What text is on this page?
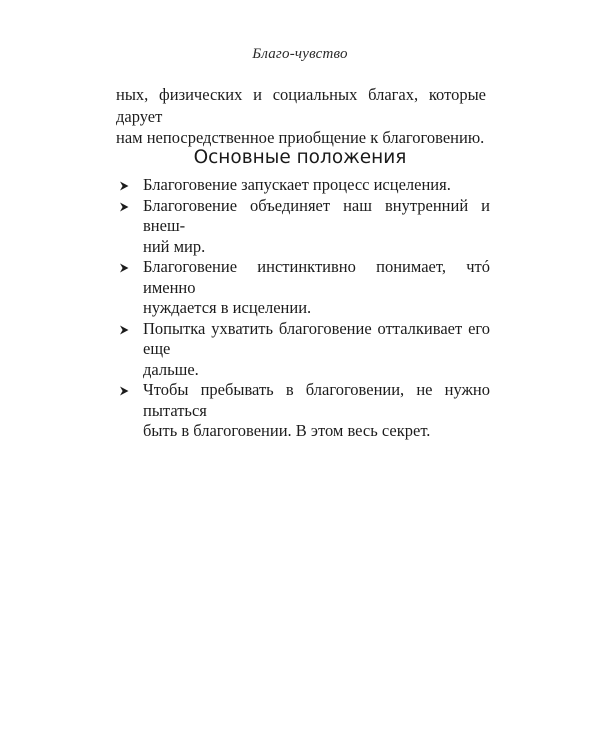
Благо-чувство
ных, физических и социальных благах, которые дарует
нам непосредственное приобщение к благоговению.
Основные положения
Благоговение запускает процесс исцеления.
Благоговение объединяет наш внутренний и внеш-
ний мир.
Благоговение инстинктивно понимает, чтó именно
нуждается в исцелении.
Попытка ухватить благоговение отталкивает его еще
дальше.
Чтобы пребывать в благоговении, не нужно пытаться
быть в благоговении. В этом весь секрет.
